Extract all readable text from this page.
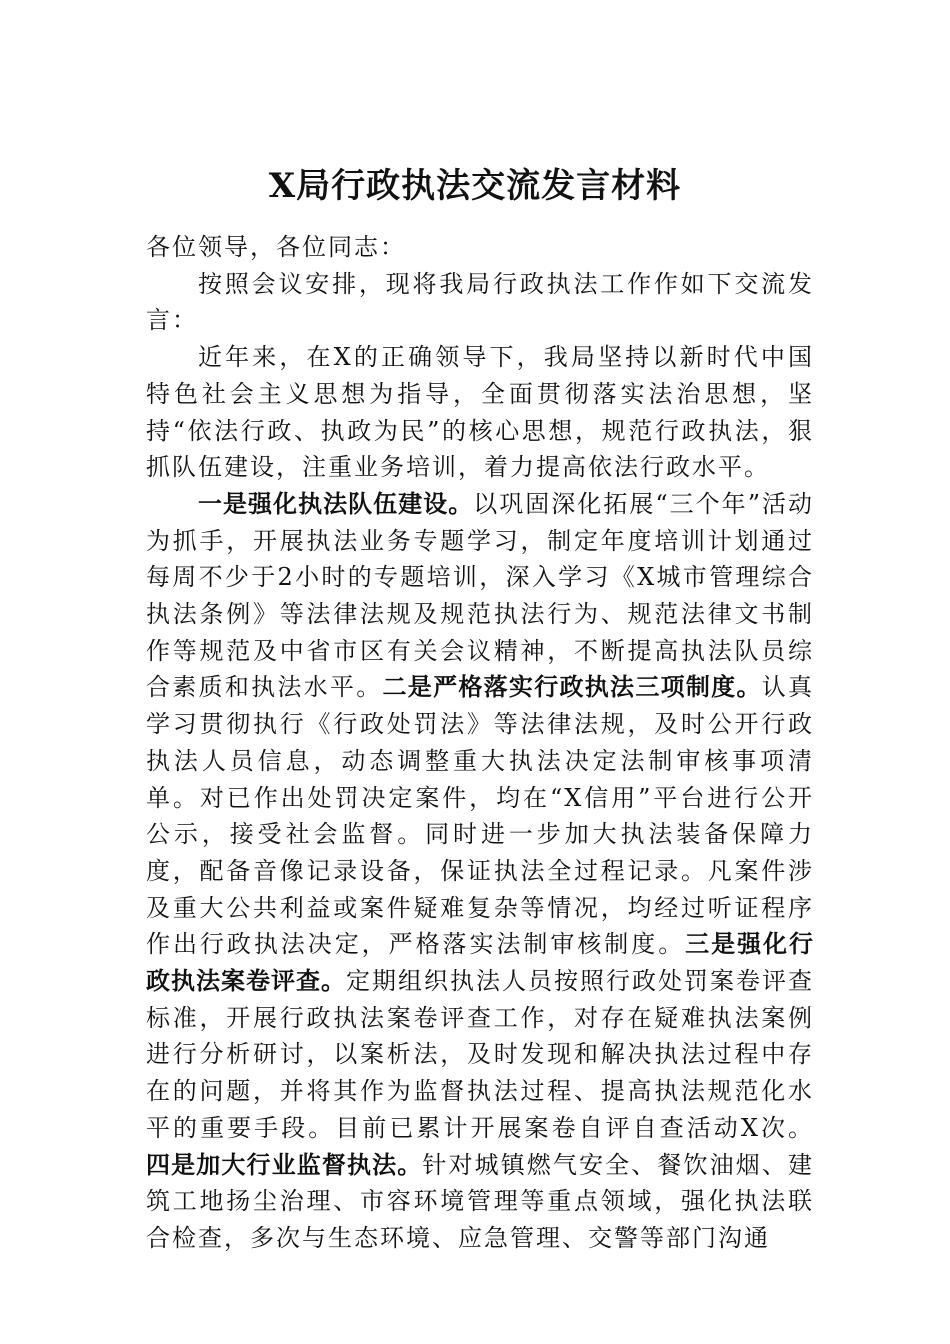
X局行政执法交流发言材料

各位领导，各位同志：

按照会议安排，现将我局行政执法工作作如下交流发言：

近年来，在X的正确领导下，我局坚持以新时代中国特色社会主义思想为指导，全面贯彻落实法治思想，坚持“依法行政、执政为民”的核心思想，规范行政执法，狠抓队伍建设，注重业务培训，着力提高依法行政水平。

一是强化执法队伍建设。以巩固深化拓展“三个年”活动为抓手，开展执法业务专题学习，制定年度培训计划通过每周不少于2小时的专题培训，深入学习《X城市管理综合执法条例》等法律法规及规范执法行为、规范法律文书制作等规范及中省市区有关会议精神，不断提高执法队员综合素质和执法水平。二是严格落实行政执法三项制度。认真学习贯彻执行《行政处罚法》等法律法规，及时公开行政执法人员信息，动态调整重大执法决定法制审核事项清单。对已作出处罚决定案件，均在“X信用”平台进行公开公示，接受社会监督。同时进一步加大执法装备保障力度，配备音像记录设备，保证执法全过程记录。凡案件涉及重大公共利益或案件疑难复杂等情况，均经过听证程序作出行政执法决定，严格落实法制审核制度。三是强化行政执法案卷评查。定期组织执法人员按照行政处罚案卷评查标准，开展行政执法案卷评查工作，对存在疑难执法案例进行分析研讨，以案析法，及时发现和解决执法过程中存在的问题，并将其作为监督执法过程、提高执法规范化水平的重要手段。目前已累计开展案卷自评自查活动X次。四是加大行业监督执法。针对城镇燃气安全、餐饮油烟、建筑工地扬尘治理、市容环境管理等重点领域，强化执法联合检查，多次与生态环境、应急管理、交警等部门沟通
